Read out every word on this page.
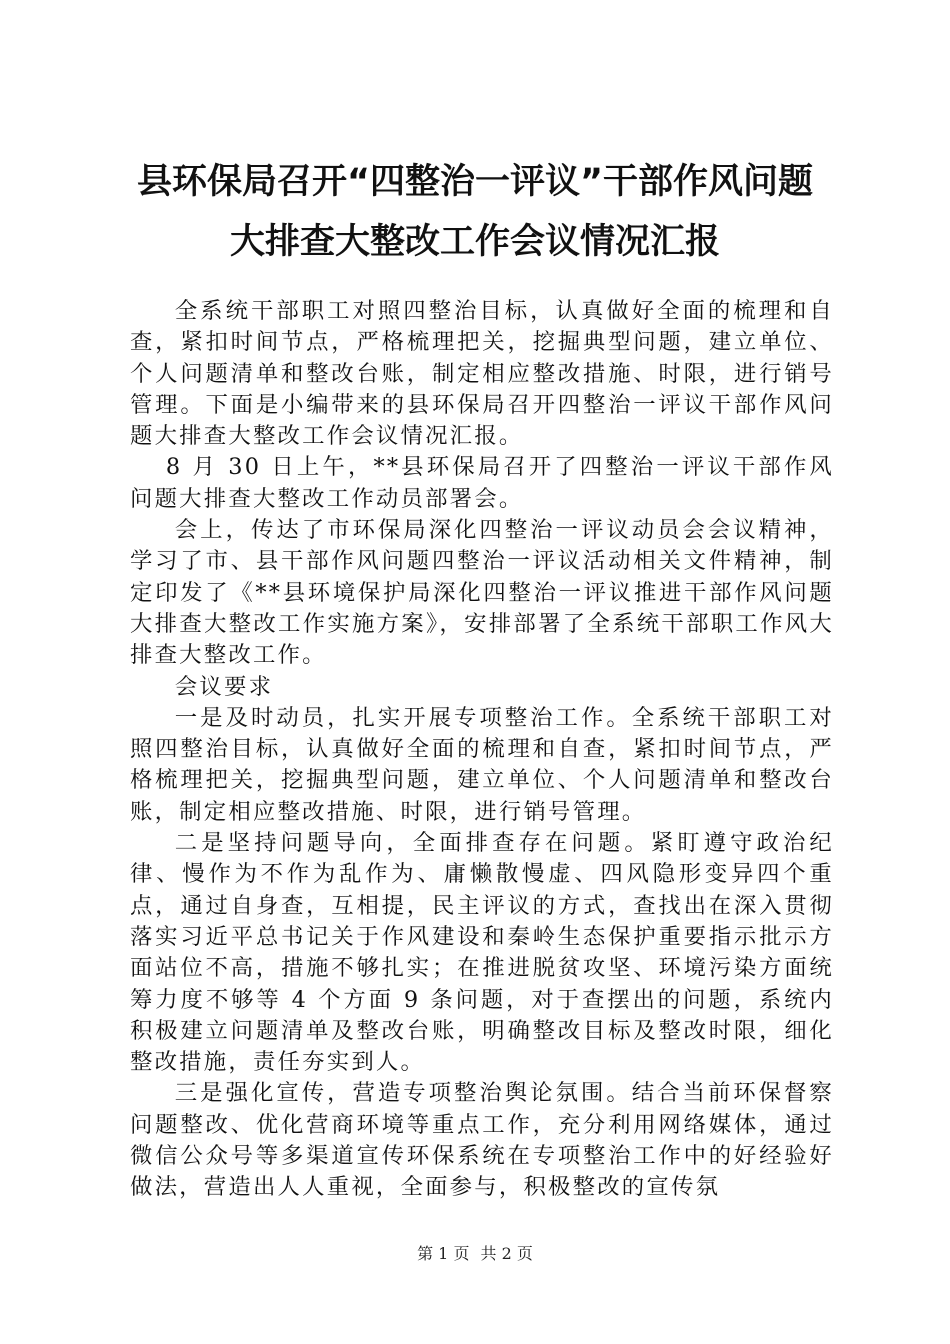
县环保局召开“四整治一评议”干部作风问题
大排查大整改工作会议情况汇报

全系统干部职工对照四整治目标，认真做好全面的梳理和自查，紧扣时间节点，严格梳理把关，挖掘典型问题，建立单位、个人问题清单和整改台账，制定相应整改措施、时限，进行销号管理。下面是小编带来的县环保局召开四整治一评议干部作风问题大排查大整改工作会议情况汇报。

8 月 30 日上午，**县环保局召开了四整治一评议干部作风问题大排查大整改工作动员部署会。

会上，传达了市环保局深化四整治一评议动员会会议精神，学习了市、县干部作风问题四整治一评议活动相关文件精神，制定印发了《**县环境保护局深化四整治一评议推进干部作风问题大排查大整改工作实施方案》，安排部署了全系统干部职工作风大排查大整改工作。

会议要求

一是及时动员，扎实开展专项整治工作。全系统干部职工对照四整治目标，认真做好全面的梳理和自查，紧扣时间节点，严格梳理把关，挖掘典型问题，建立单位、个人问题清单和整改台账，制定相应整改措施、时限，进行销号管理。

二是坚持问题导向，全面排查存在问题。紧盯遵守政治纪律、慢作为不作为乱作为、庸懒散慢虚、四风隐形变异四个重点，通过自身查，互相提，民主评议的方式，查找出在深入贯彻落实习近平总书记关于作风建设和秦岭生态保护重要指示批示方面站位不高，措施不够扎实；在推进脱贫攻坚、环境污染方面统筹力度不够等 4 个方面 9 条问题，对于查摆出的问题，系统内积极建立问题清单及整改台账，明确整改目标及整改时限，细化整改措施，责任夯实到人。

三是强化宣传，营造专项整治舆论氛围。结合当前环保督察问题整改、优化营商环境等重点工作，充分利用网络媒体，通过微信公众号等多渠道宣传环保系统在专项整治工作中的好经验好做法，营造出人人重视，全面参与，积极整改的宣传氛

第 1 页 共 2 页
